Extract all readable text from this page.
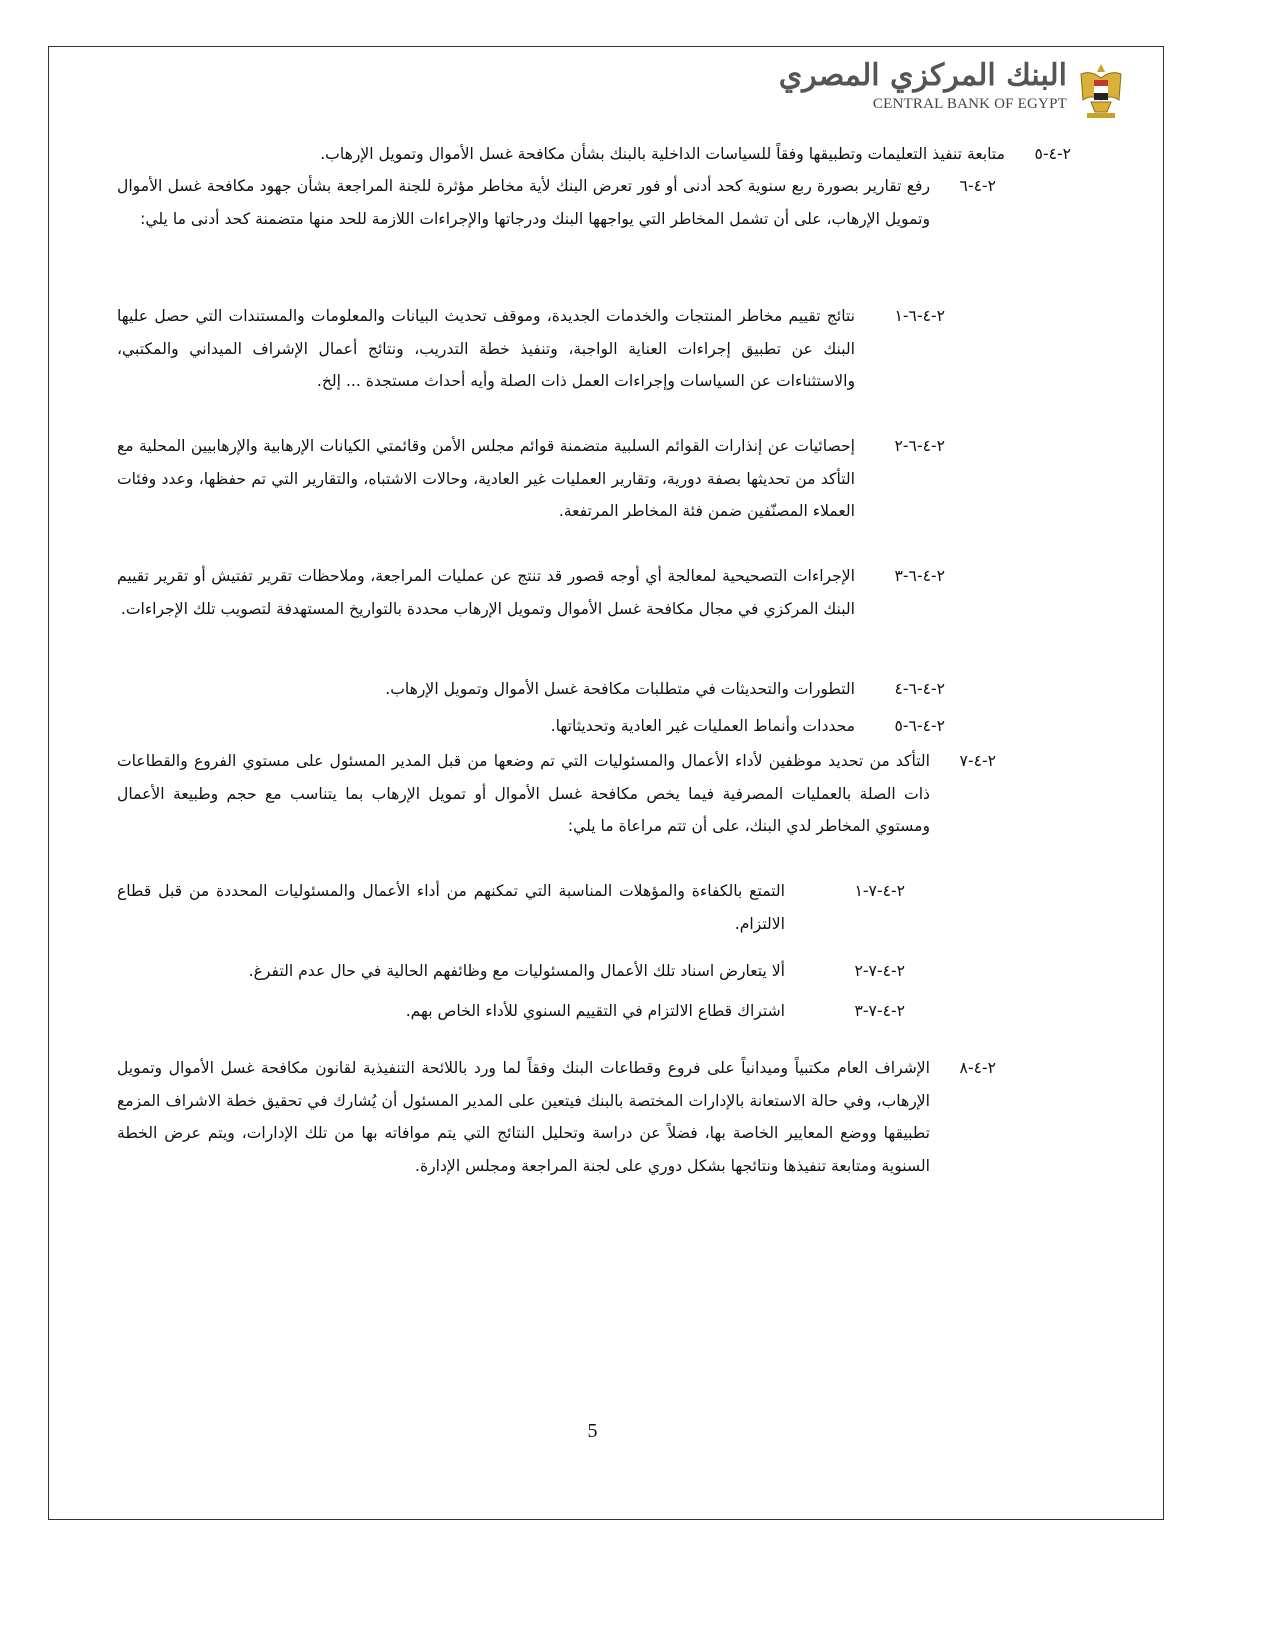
البنك المركزي المصري
CENTRAL BANK OF EGYPT
٢-٤-٥
متابعة تنفيذ التعليمات وتطبيقها وفقاً للسياسات الداخلية بالبنك بشأن مكافحة غسل الأموال وتمويل الإرهاب.
٢-٤-٦
رفع تقارير بصورة ربع سنوية كحد أدنى أو فور تعرض البنك لأية مخاطر مؤثرة للجنة المراجعة بشأن جهود مكافحة غسل الأموال وتمويل الإرهاب، على أن تشمل المخاطر التي يواجهها البنك ودرجاتها والإجراءات اللازمة للحد منها متضمنة كحد أدنى ما يلي:
٢-٤-٦-١
نتائج تقييم مخاطر المنتجات والخدمات الجديدة، وموقف تحديث البيانات والمعلومات والمستندات التي حصل عليها البنك عن تطبيق إجراءات العناية الواجبة، وتنفيذ خطة التدريب، ونتائج أعمال الإشراف الميداني والمكتبي، والاستثناءات عن السياسات وإجراءات العمل ذات الصلة وأيه أحداث مستجدة ... إلخ.
٢-٤-٦-٢
إحصائيات عن إنذارات القوائم السلبية متضمنة قوائم مجلس الأمن وقائمتي الكيانات الإرهابية والإرهابيين المحلية مع التأكد من تحديثها بصفة دورية، وتقارير العمليات غير العادية، وحالات الاشتباه، والتقارير التي تم حفظها، وعدد وفئات العملاء المصنّفين ضمن فئة المخاطر المرتفعة.
٢-٤-٦-٣
الإجراءات التصحيحية لمعالجة أي أوجه قصور قد تنتج عن عمليات المراجعة، وملاحظات تقرير تفتيش أو تقرير تقييم البنك المركزي في مجال مكافحة غسل الأموال وتمويل الإرهاب محددة بالتواريخ المستهدفة لتصويب تلك الإجراءات.
٢-٤-٦-٤
التطورات والتحديثات في متطلبات مكافحة غسل الأموال وتمويل الإرهاب.
٢-٤-٦-٥
محددات وأنماط العمليات غير العادية وتحديثاتها.
٢-٤-٧
التأكد من تحديد موظفين لأداء الأعمال والمسئوليات التي تم وضعها من قبل المدير المسئول على مستوي الفروع والقطاعات ذات الصلة بالعمليات المصرفية فيما يخص مكافحة غسل الأموال أو تمويل الإرهاب بما يتناسب مع حجم وطبيعة الأعمال ومستوي المخاطر لدي البنك، على أن تتم مراعاة ما يلي:
٢-٤-٧-١
التمتع بالكفاءة والمؤهلات المناسبة التي تمكنهم من أداء الأعمال والمسئوليات المحددة من قبل قطاع الالتزام.
٢-٤-٧-٢
ألا يتعارض اسناد تلك الأعمال والمسئوليات مع وظائفهم الحالية في حال عدم التفرغ.
٢-٤-٧-٣
اشتراك قطاع الالتزام في التقييم السنوي للأداء الخاص بهم.
٢-٤-٨
الإشراف العام مكتبياً وميدانياً على فروع وقطاعات البنك وفقاً لما ورد باللائحة التنفيذية لقانون مكافحة غسل الأموال وتمويل الإرهاب، وفي حالة الاستعانة بالإدارات المختصة بالبنك فيتعين على المدير المسئول أن يُشارك في تحقيق خطة الاشراف المزمع تطبيقها ووضع المعايير الخاصة بها، فضلاً عن دراسة وتحليل النتائج التي يتم موافاته بها من تلك الإدارات، ويتم عرض الخطة السنوية ومتابعة تنفيذها ونتائجها بشكل دوري على لجنة المراجعة ومجلس الإدارة.
5
